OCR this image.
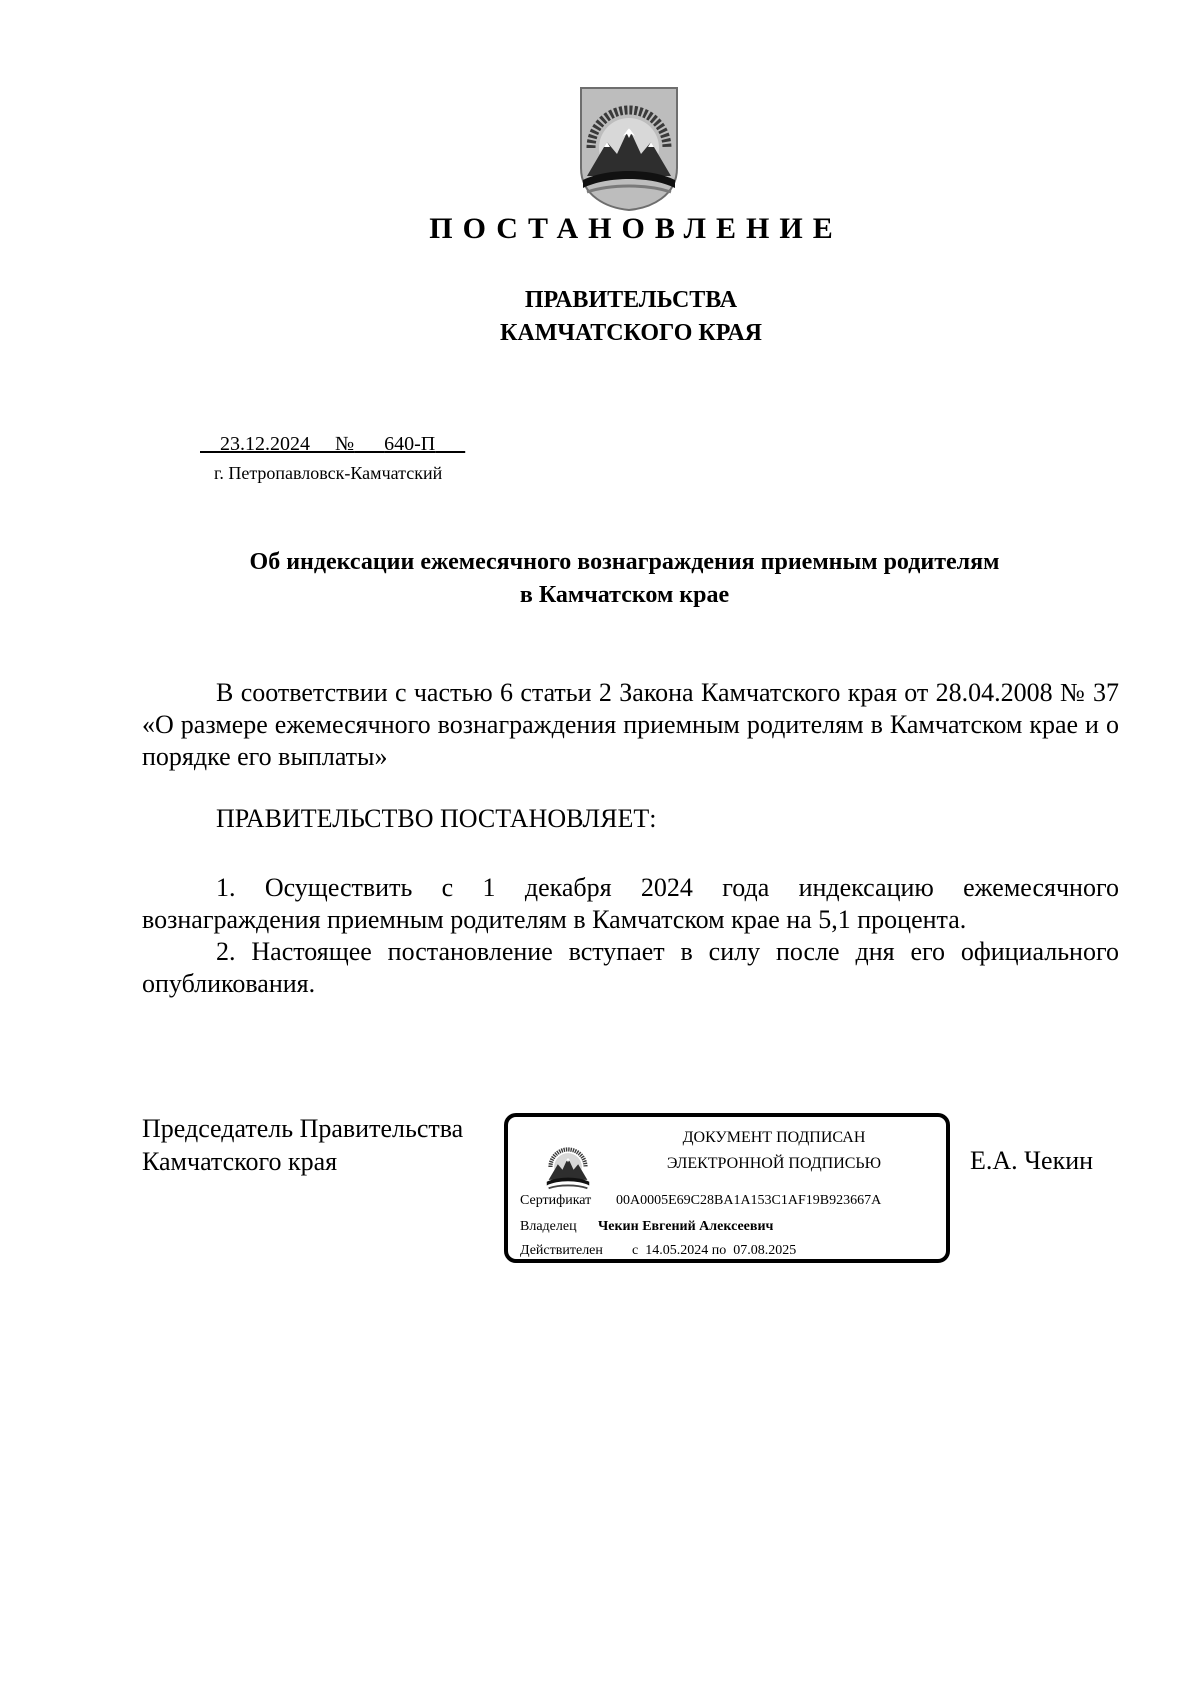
ПОСТАНОВЛЕНИЕ
ПРАВИТЕЛЬСТВА
КАМЧАТСКОГО КРАЯ
23.12.2024 № 640-П
г. Петропавловск-Камчатский
Об индексации ежемесячного вознаграждения приемным родителям
в Камчатском крае
В соответствии с частью 6 статьи 2 Закона Камчатского края от 28.04.2008 № 37 «О размере ежемесячного вознаграждения приемным родителям в Камчатском крае и о порядке его выплаты»
ПРАВИТЕЛЬСТВО ПОСТАНОВЛЯЕТ:
1. Осуществить с 1 декабря 2024 года индексацию ежемесячного вознаграждения приемным родителям в Камчатском крае на 5,1 процента.
2. Настоящее постановление вступает в силу после дня его официального опубликования.
Председатель Правительства
Камчатского края
ДОКУМЕНТ ПОДПИСАН
ЭЛЕКТРОННОЙ ПОДПИСЬЮ
Сертификат 00A0005E69C28BA1A153C1AF19B923667A
Владелец Чекин Евгений Алексеевич
Действителен с  14.05.2024 по  07.08.2025
Е.А. Чекин
